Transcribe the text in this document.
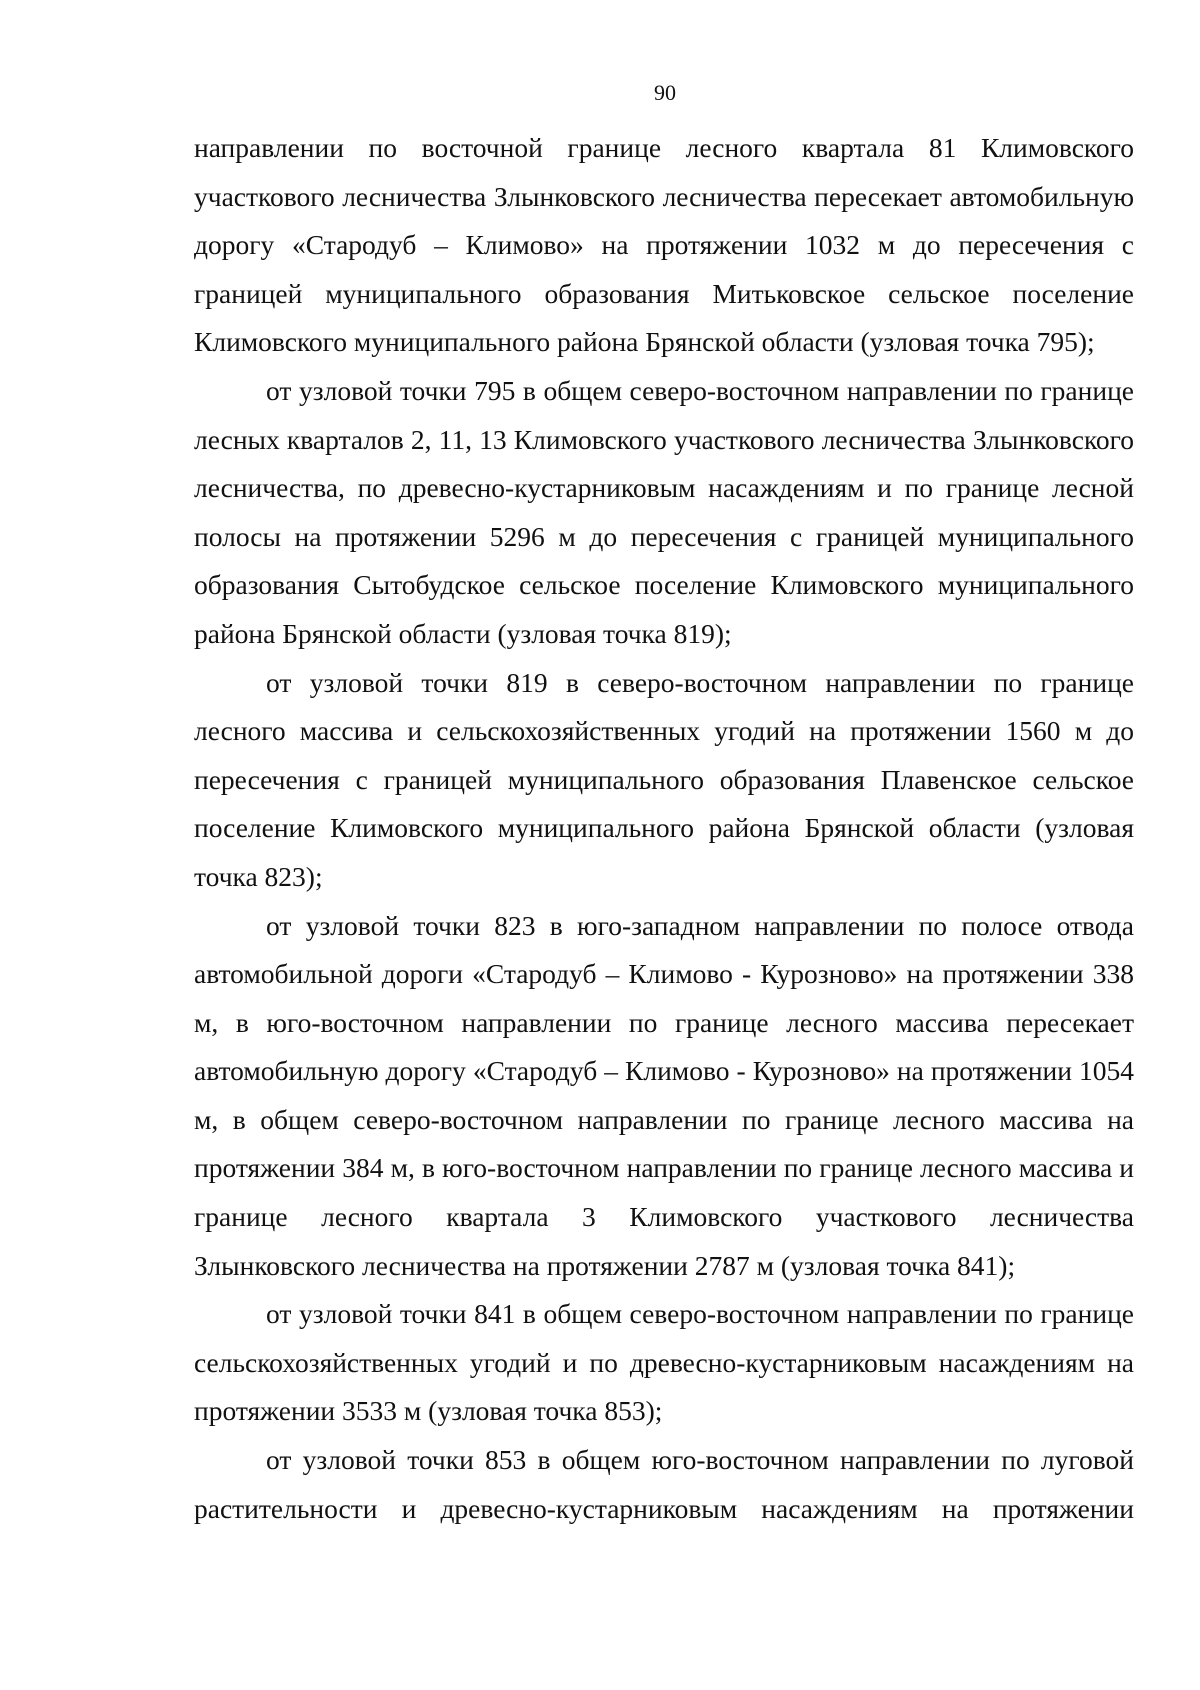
90

направлении по восточной границе лесного квартала 81 Климовского участкового лесничества Злынковского лесничества пересекает автомобильную дорогу «Стародуб – Климово» на протяжении 1032 м до пересечения с границей муниципального образования Митьковское сельское поселение Климовского муниципального района Брянской области (узловая точка 795);

от узловой точки 795 в общем северо-восточном направлении по границе лесных кварталов 2, 11, 13 Климовского участкового лесничества Злынковского лесничества, по древесно-кустарниковым насаждениям и по границе лесной полосы на протяжении 5296 м до пересечения с границей муниципального образования Сытобудское сельское поселение Климовского муниципального района Брянской области (узловая точка 819);

от узловой точки 819 в северо-восточном направлении по границе лесного массива и сельскохозяйственных угодий на протяжении 1560 м до пересечения с границей муниципального образования Плавенское сельское поселение Климовского муниципального района Брянской области (узловая точка 823);

от узловой точки 823 в юго-западном направлении по полосе отвода автомобильной дороги «Стародуб – Климово - Курозново» на протяжении 338 м, в юго-восточном направлении по границе лесного массива пересекает автомобильную дорогу «Стародуб – Климово - Курозново» на протяжении 1054 м, в общем северо-восточном направлении по границе лесного массива на протяжении 384 м, в юго-восточном направлении по границе лесного массива и границе лесного квартала 3 Климовского участкового лесничества Злынковского лесничества на протяжении 2787 м (узловая точка 841);

от узловой точки 841 в общем северо-восточном направлении по границе сельскохозяйственных угодий и по древесно-кустарниковым насаждениям на протяжении 3533 м (узловая точка 853);

от узловой точки 853 в общем юго-восточном направлении по луговой растительности и древесно-кустарниковым насаждениям на протяжении
